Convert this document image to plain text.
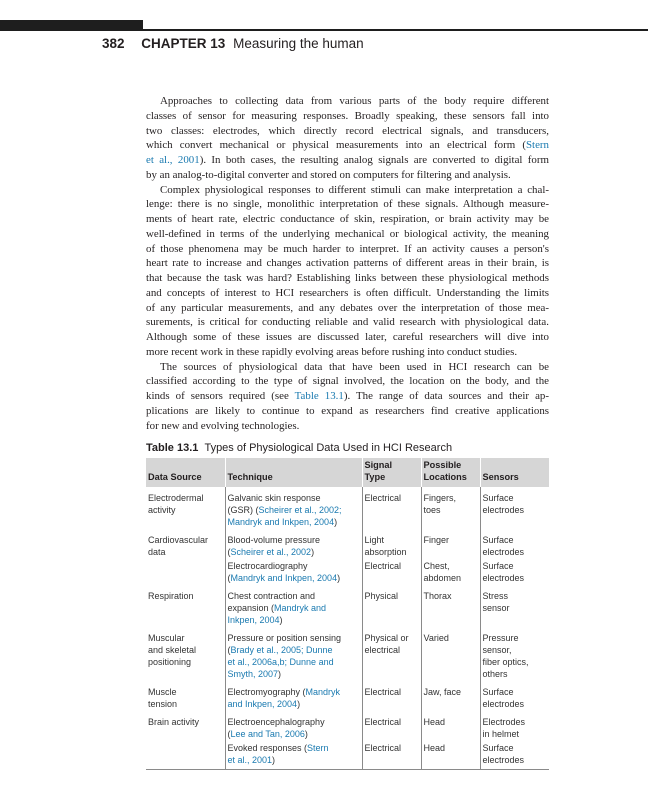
382 CHAPTER 13 Measuring the human

Approaches to collecting data from various parts of the body require different
classes of sensor for measuring responses. Broadly speaking, these sensors fall into
two classes: electrodes, which directly record electrical signals, and transducers,
which convert mechanical or physical measurements into an electrical form (Stern
et al., 2001). In both cases, the resulting analog signals are converted to digital form
by an analog-to-digital converter and stored on computers for filtering and analysis.

Complex physiological responses to different stimuli can make interpretation a chal-
lenge: there is no single, monolithic interpretation of these signals. Although measure-
ments of heart rate, electric conductance of skin, respiration, or brain activity may be
well-defined in terms of the underlying mechanical or biological activity, the meaning
of those phenomena may be much harder to interpret. If an activity causes a person's
heart rate to increase and changes activation patterns of different areas in their brain, is
that because the task was hard? Establishing links between these physiological methods
and concepts of interest to HCI researchers is often difficult. Understanding the limits
of any particular measurements, and any debates over the interpretation of those mea-
surements, is critical for conducting reliable and valid research with physiological data.
Although some of these issues are discussed later, careful researchers will dive into
more recent work in these rapidly evolving areas before rushing into conduct studies.

The sources of physiological data that have been used in HCI research can be
classified according to the type of signal involved, the location on the body, and the
kinds of sensors required (see Table 13.1). The range of data sources and their ap-
plications are likely to continue to expand as researchers find creative applications
for new and evolving technologies.

Table 13.1 Types of Physiological Data Used in HCI Research
Data Source	Technique	Signal
Type	Possible
Locations	Sensors

Electrodermal
activity	Galvanic skin response
(GSR) (Scheirer et al., 2002;
Mandryk and Inkpen, 2004)	Electrical	Fingers,
toes	Surface
electrodes

Cardiovascular
data	Blood-volume pressure
(Scheirer et al., 2002)	Light
absorption	Finger	Surface
electrodes

	Electrocardiography
(Mandryk and Inkpen, 2004)	Electrical	Chest,
abdomen	Surface
electrodes

Respiration	Chest contraction and
expansion (Mandryk and
Inkpen, 2004)	Physical	Thorax	Stress
sensor

Muscular
and skeletal
positioning	Pressure or position sensing
(Brady et al., 2005; Dunne
et al., 2006a,b; Dunne and
Smyth, 2007)	Physical or
electrical	Varied	Pressure
sensor,
fiber optics,
others

Muscle
tension	Electromyography (Mandryk
and Inkpen, 2004)	Electrical	Jaw, face	Surface
electrodes

Brain activity	Electroencephalography
(Lee and Tan, 2006)	Electrical	Head	Electrodes
in helmet

	Evoked responses (Stern
et al., 2001)	Electrical	Head	Surface
electrodes
